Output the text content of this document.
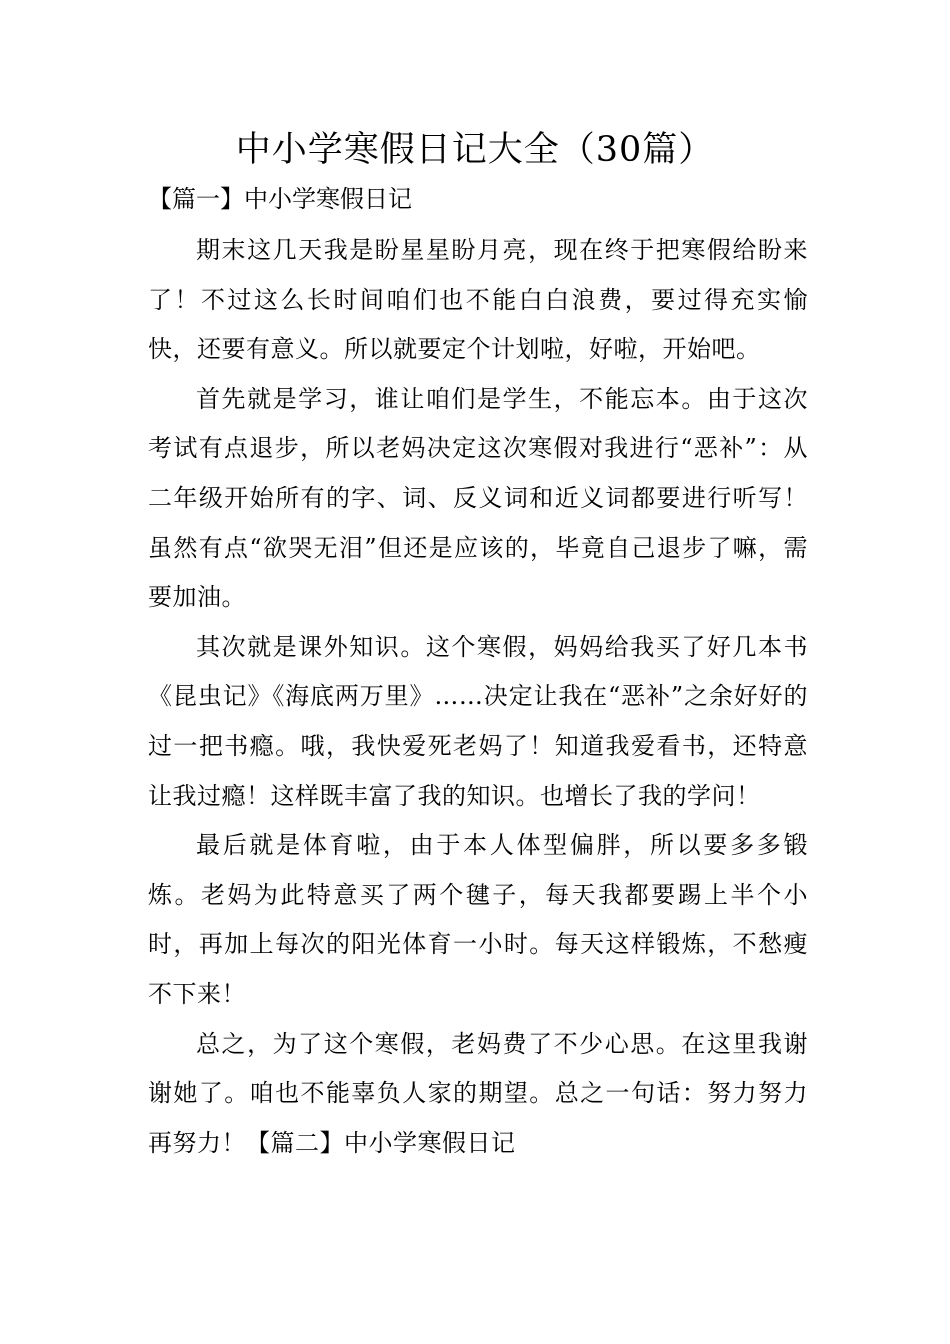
中小学寒假日记大全（30篇）
【篇一】中小学寒假日记

期末这几天我是盼星星盼月亮，现在终于把寒假给盼来了！不过这么长时间咱们也不能白白浪费，要过得充实愉快，还要有意义。所以就要定个计划啦，好啦，开始吧。

首先就是学习，谁让咱们是学生，不能忘本。由于这次考试有点退步，所以老妈决定这次寒假对我进行“恶补”：从二年级开始所有的字、词、反义词和近义词都要进行听写！虽然有点“欲哭无泪”但还是应该的，毕竟自己退步了嘛，需要加油。

其次就是课外知识。这个寒假，妈妈给我买了好几本书《昆虫记》《海底两万里》……决定让我在“恶补”之余好好的过一把书瘾。哦，我快爱死老妈了！知道我爱看书，还特意让我过瘾！这样既丰富了我的知识。也增长了我的学问！

最后就是体育啦，由于本人体型偏胖，所以要多多锻炼。老妈为此特意买了两个毽子，每天我都要踢上半个小时，再加上每次的阳光体育一小时。每天这样锻炼，不愁瘦不下来！

总之，为了这个寒假，老妈费了不少心思。在这里我谢谢她了。咱也不能辜负人家的期望。总之一句话：努力努力再努力！【篇二】中小学寒假日记
